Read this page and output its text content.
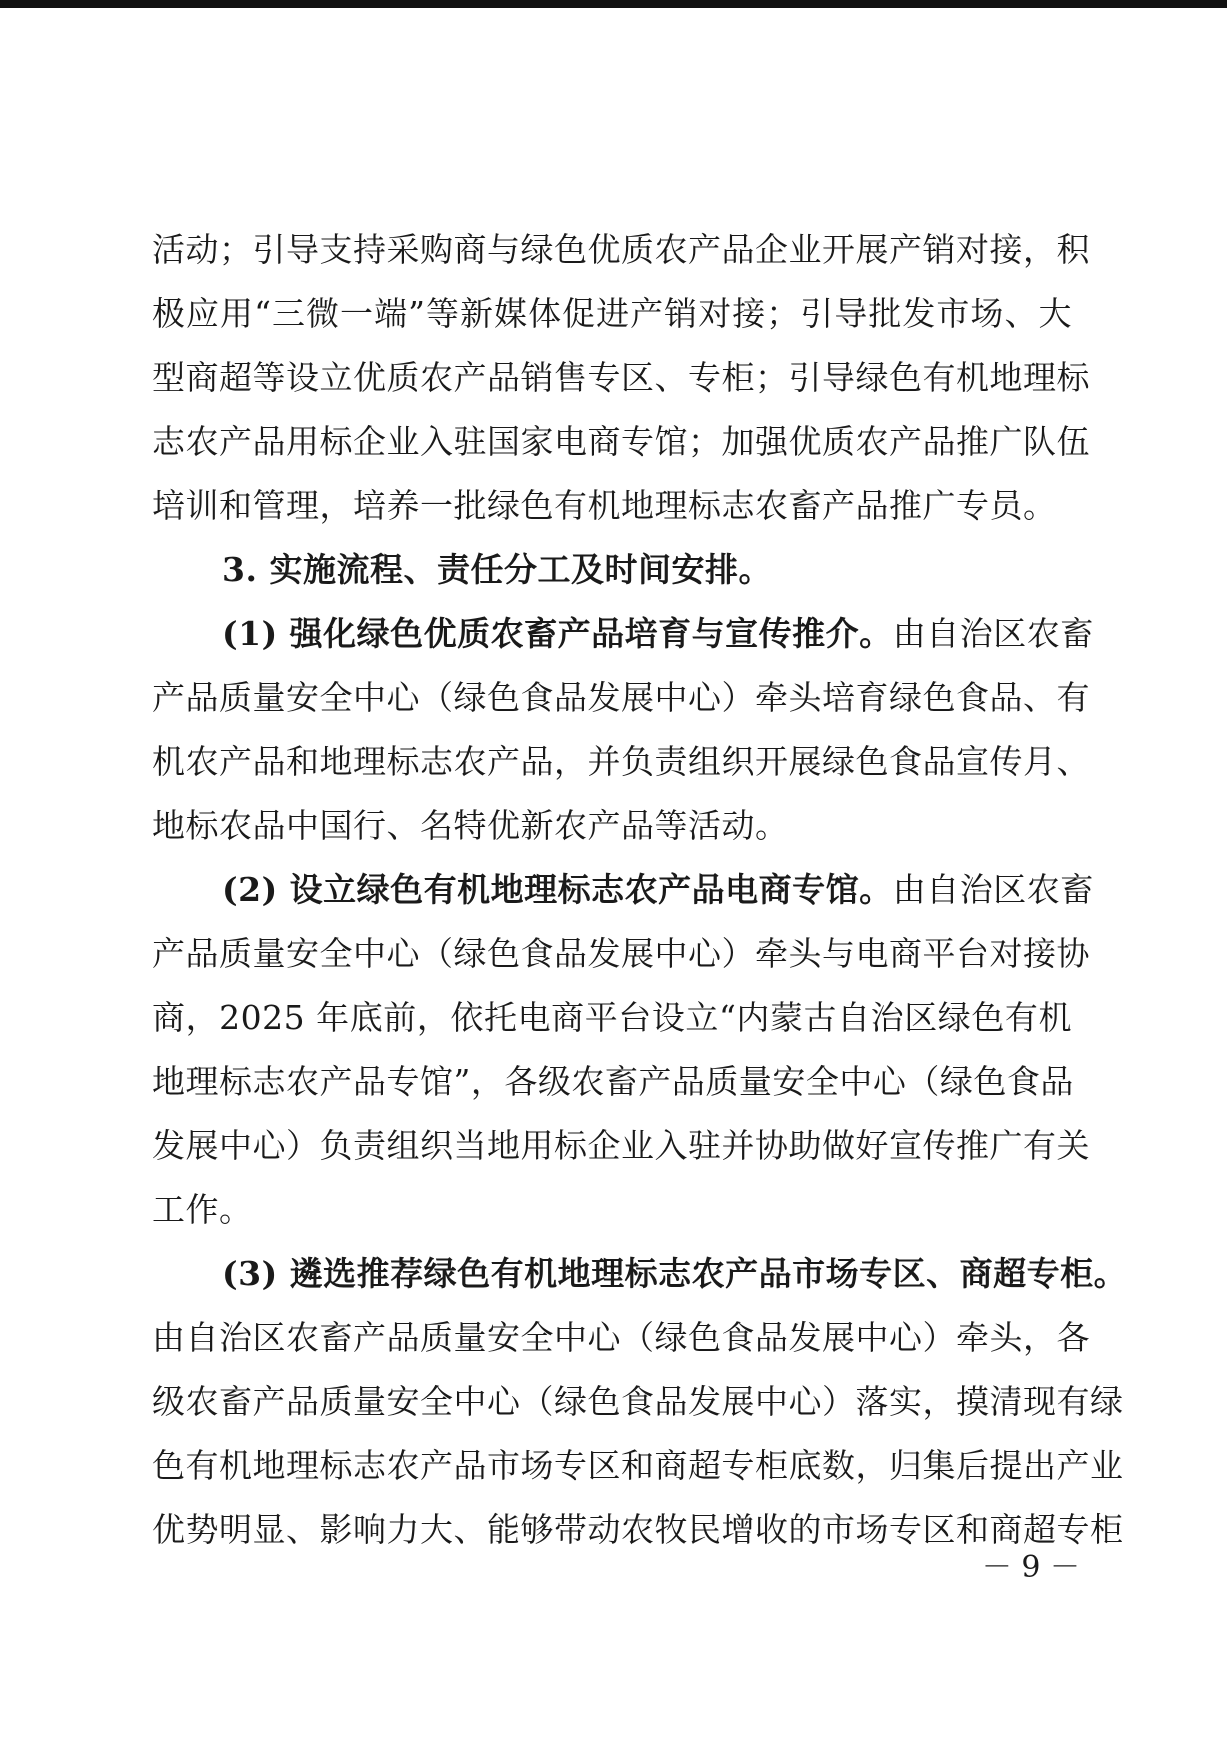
活动；引导支持采购商与绿色优质农产品企业开展产销对接，积
极应用“三微一端”等新媒体促进产销对接；引导批发市场、大
型商超等设立优质农产品销售专区、专柜；引导绿色有机地理标
志农产品用标企业入驻国家电商专馆；加强优质农产品推广队伍
培训和管理，培养一批绿色有机地理标志农畜产品推广专员。
3. 实施流程、责任分工及时间安排。
(1) 强化绿色优质农畜产品培育与宣传推介。由自治区农畜
产品质量安全中心（绿色食品发展中心）牵头培育绿色食品、有
机农产品和地理标志农产品，并负责组织开展绿色食品宣传月、
地标农品中国行、名特优新农产品等活动。
(2) 设立绿色有机地理标志农产品电商专馆。由自治区农畜
产品质量安全中心（绿色食品发展中心）牵头与电商平台对接协
商，2025 年底前，依托电商平台设立“内蒙古自治区绿色有机
地理标志农产品专馆”，各级农畜产品质量安全中心（绿色食品
发展中心）负责组织当地用标企业入驻并协助做好宣传推广有关
工作。
(3) 遴选推荐绿色有机地理标志农产品市场专区、商超专柜。
由自治区农畜产品质量安全中心（绿色食品发展中心）牵头，各
级农畜产品质量安全中心（绿色食品发展中心）落实，摸清现有绿
色有机地理标志农产品市场专区和商超专柜底数，归集后提出产业
优势明显、影响力大、能够带动农牧民增收的市场专区和商超专柜
－ 9 －
